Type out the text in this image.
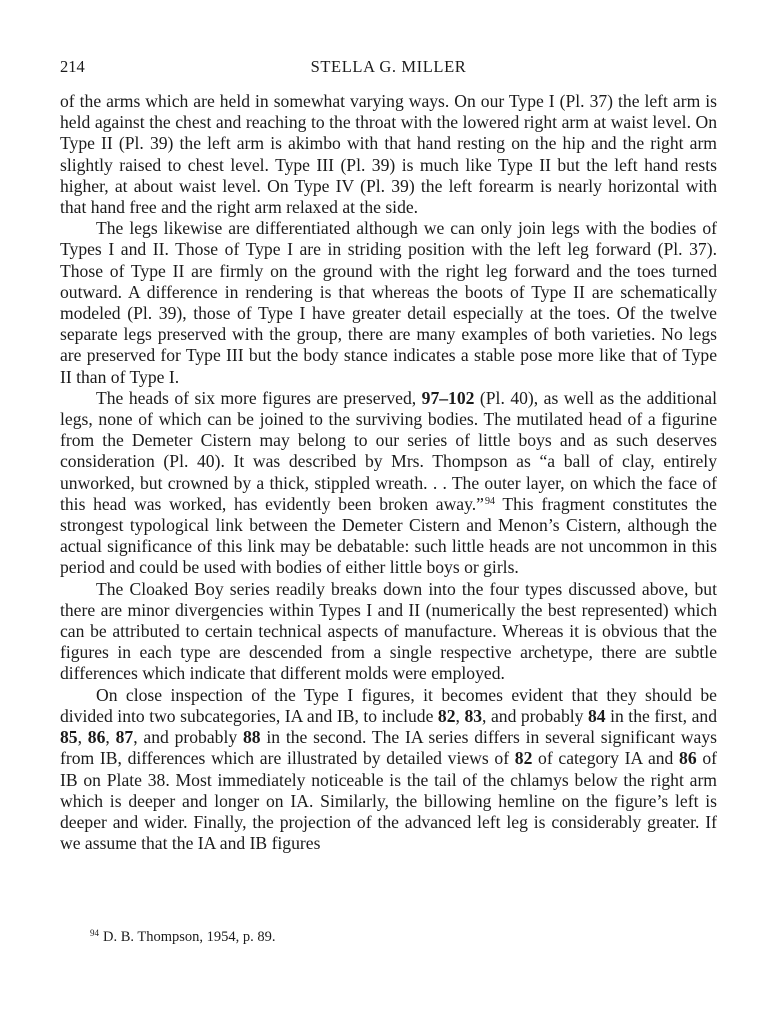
214	STELLA G. MILLER

of the arms which are held in somewhat varying ways. On our Type I (Pl. 37) the left arm is held against the chest and reaching to the throat with the lowered right arm at waist level. On Type II (Pl. 39) the left arm is akimbo with that hand resting on the hip and the right arm slightly raised to chest level. Type III (Pl. 39) is much like Type II but the left hand rests higher, at about waist level. On Type IV (Pl. 39) the left forearm is nearly horizontal with that hand free and the right arm relaxed at the side.

The legs likewise are differentiated although we can only join legs with the bodies of Types I and II. Those of Type I are in striding position with the left leg forward (Pl. 37). Those of Type II are firmly on the ground with the right leg forward and the toes turned outward. A difference in rendering is that whereas the boots of Type II are schematically modeled (Pl. 39), those of Type I have greater detail especially at the toes. Of the twelve separate legs preserved with the group, there are many examples of both varieties. No legs are preserved for Type III but the body stance indicates a stable pose more like that of Type II than of Type I.

The heads of six more figures are preserved, 97–102 (Pl. 40), as well as the additional legs, none of which can be joined to the surviving bodies. The mutilated head of a figurine from the Demeter Cistern may belong to our series of little boys and as such deserves consideration (Pl. 40). It was described by Mrs. Thompson as “a ball of clay, entirely unworked, but crowned by a thick, stippled wreath. . . The outer layer, on which the face of this head was worked, has evidently been broken away.”$^{94}$ This fragment constitutes the strongest typological link between the Demeter Cistern and Menon’s Cistern, although the actual significance of this link may be debatable: such little heads are not uncommon in this period and could be used with bodies of either little boys or girls.

The Cloaked Boy series readily breaks down into the four types discussed above, but there are minor divergencies within Types I and II (numerically the best represented) which can be attributed to certain technical aspects of manufacture. Whereas it is obvious that the figures in each type are descended from a single respective archetype, there are subtle differences which indicate that different molds were employed.

On close inspection of the Type I figures, it becomes evident that they should be divided into two subcategories, IA and IB, to include 82, 83, and probably 84 in the first, and 85, 86, 87, and probably 88 in the second. The IA series differs in several significant ways from IB, differences which are illustrated by detailed views of 82 of category IA and 86 of IB on Plate 38. Most immediately noticeable is the tail of the chlamys below the right arm which is deeper and longer on IA. Similarly, the billowing hemline on the figure’s left is deeper and wider. Finally, the projection of the advanced left leg is considerably greater. If we assume that the IA and IB figures

$^{94}$ D. B. Thompson, 1954, p. 89.
